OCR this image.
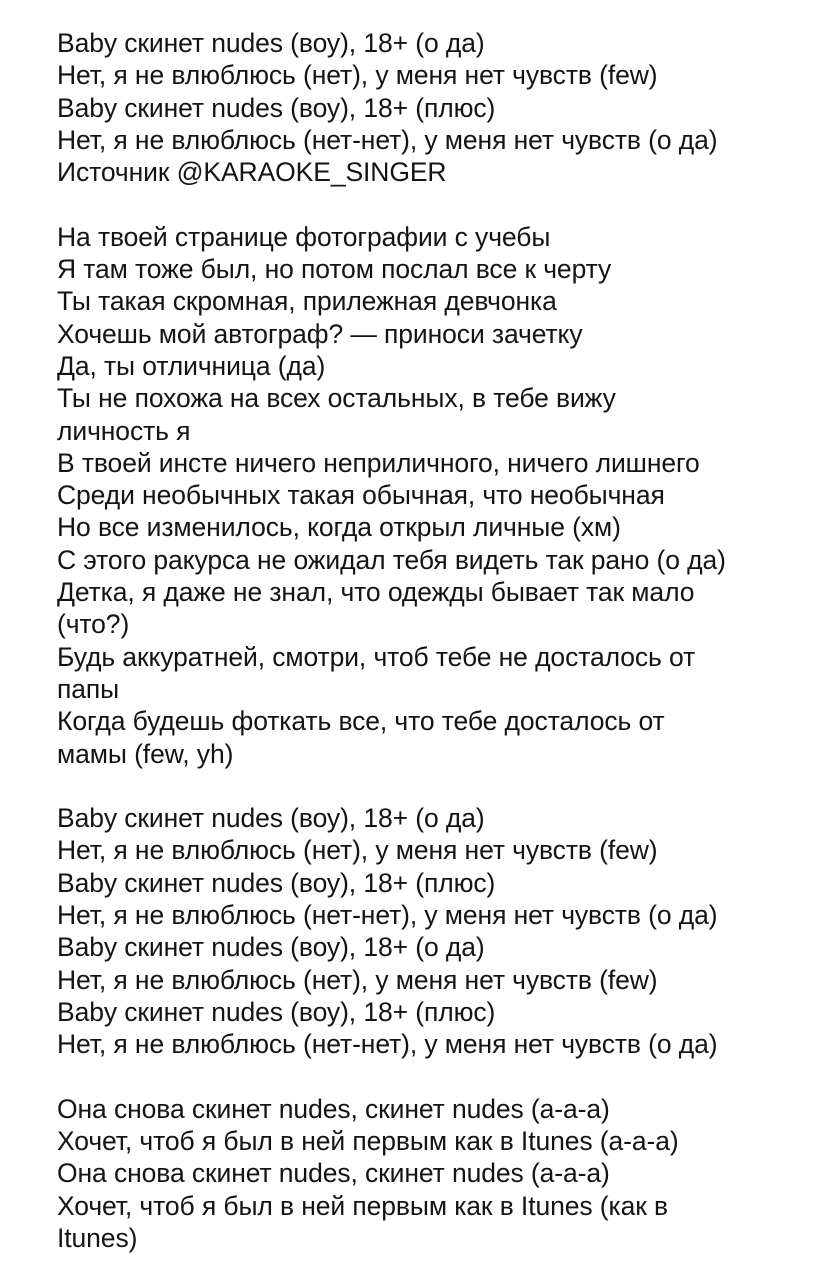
Baby скинет nudes (воу), 18+ (о да)
Нет, я не влюблюсь (нет), у меня нет чувств (few)
Baby скинет nudes (воу), 18+ (плюс)
Нет, я не влюблюсь (нет-нет), у меня нет чувств (о да)
Источник @KARAOKE_SINGER
На твоей странице фотографии с учебы
Я там тоже был, но потом послал все к черту
Ты такая скромная, прилежная девчонка
Хочешь мой автограф? — приноси зачетку
Да, ты отличница (да)
Ты не похожа на всех остальных, в тебе вижу
личность я
В твоей инсте ничего неприличного, ничего лишнего
Среди необычных такая обычная, что необычная
Но все изменилось, когда открыл личные (хм)
С этого ракурса не ожидал тебя видеть так рано (о да)
Детка, я даже не знал, что одежды бывает так мало
(что?)
Будь аккуратней, смотри, чтоб тебе не досталось от
папы
Когда будешь фоткать все, что тебе досталось от
мамы (few, yh)
Baby скинет nudes (воу), 18+ (о да)
Нет, я не влюблюсь (нет), у меня нет чувств (few)
Baby скинет nudes (воу), 18+ (плюс)
Нет, я не влюблюсь (нет-нет), у меня нет чувств (о да)
Baby скинет nudes (воу), 18+ (о да)
Нет, я не влюблюсь (нет), у меня нет чувств (few)
Baby скинет nudes (воу), 18+ (плюс)
Нет, я не влюблюсь (нет-нет), у меня нет чувств (о да)
Она снова скинет nudes, скинет nudes (а-а-а)
Хочет, чтоб я был в ней первым как в Itunes (а-а-а)
Она снова скинет nudes, скинет nudes (а-а-а)
Хочет, чтоб я был в ней первым как в Itunes (как в
Itunes)
